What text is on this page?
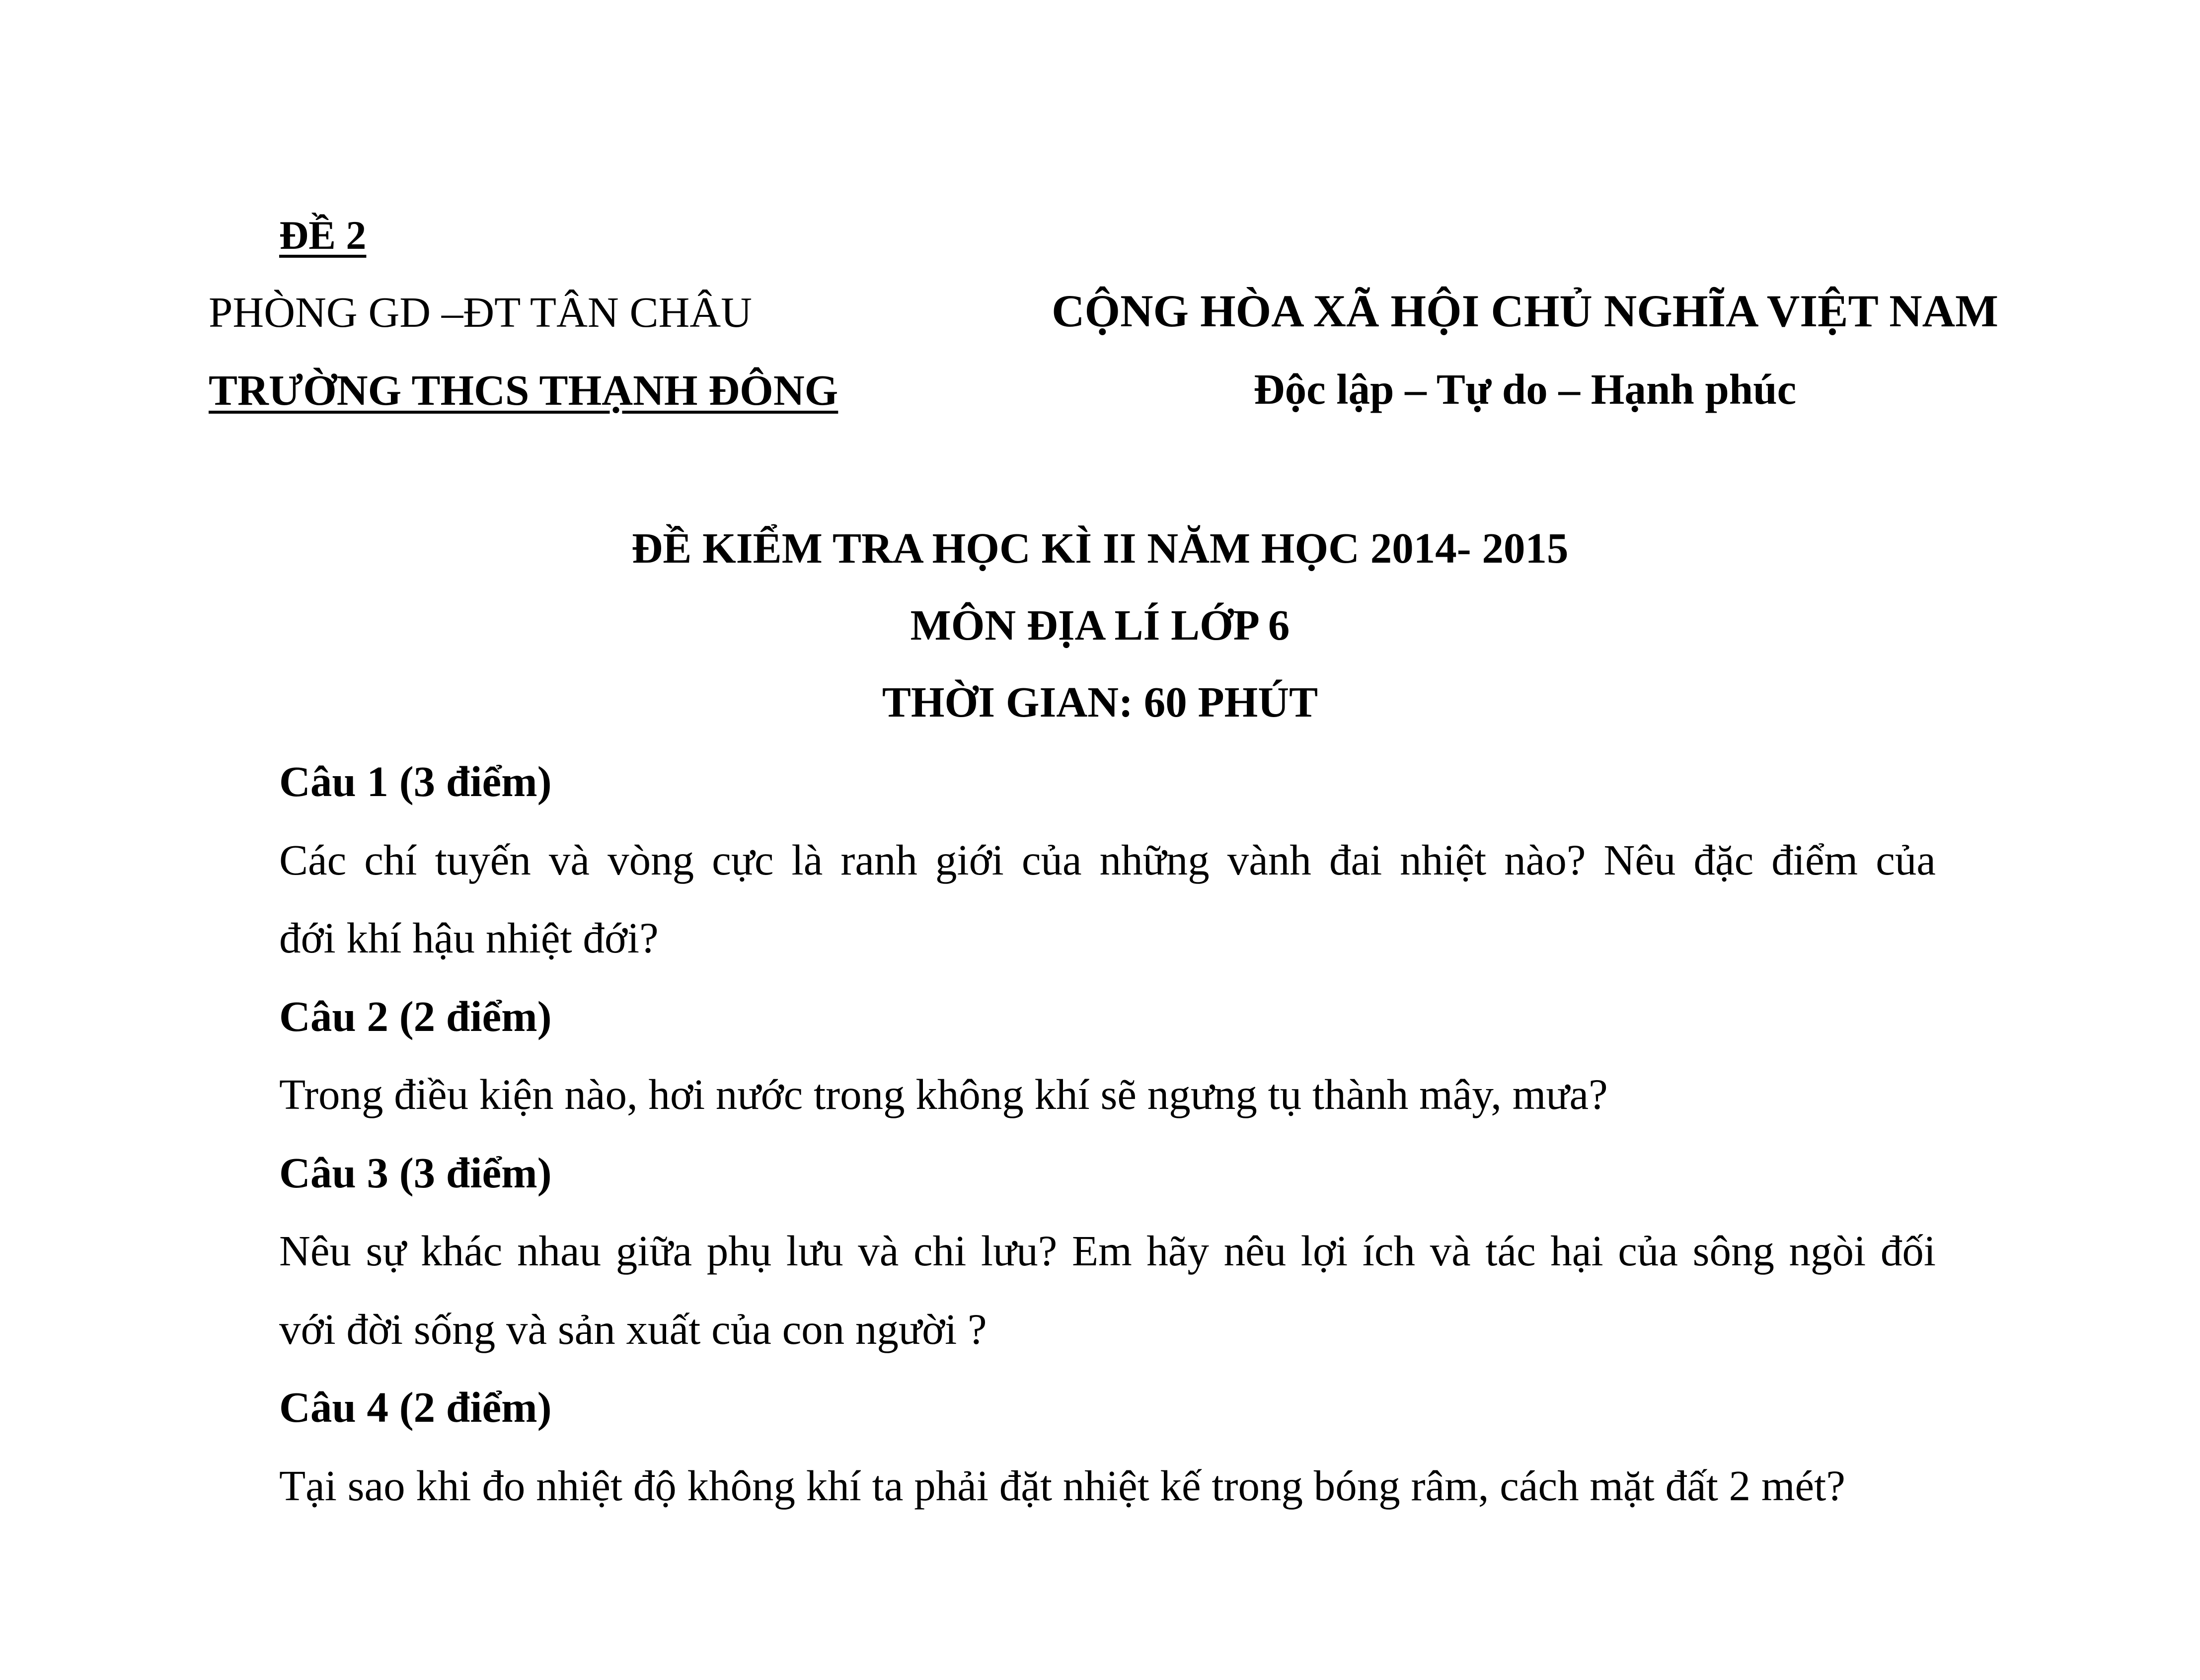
ĐỀ 2
PHÒNG GD –ĐT TÂN CHÂU
TRƯỜNG THCS THẠNH ĐÔNG
CỘNG HÒA XÃ HỘI CHỦ NGHĨA VIỆT NAM
Độc lập – Tự do – Hạnh phúc
ĐỀ KIỂM TRA HỌC KÌ II NĂM HỌC 2014- 2015
MÔN ĐỊA LÍ LỚP 6
THỜI GIAN: 60 PHÚT
Câu 1 (3 điểm)
Các chí tuyến và vòng cực là ranh giới của những vành đai nhiệt nào? Nêu đặc điểm của
đới khí hậu nhiệt đới?
Câu 2 (2 điểm)
Trong điều kiện nào, hơi nước trong không khí sẽ ngưng tụ thành mây, mưa?
Câu 3 (3 điểm)
Nêu sự khác nhau giữa phụ lưu và chi lưu? Em hãy nêu lợi ích và tác hại của sông ngòi đối
với đời sống và sản xuất của con người ?
Câu 4 (2 điểm)
Tại sao khi đo nhiệt độ không khí ta phải đặt nhiệt kế trong bóng râm, cách mặt đất 2 mét?
